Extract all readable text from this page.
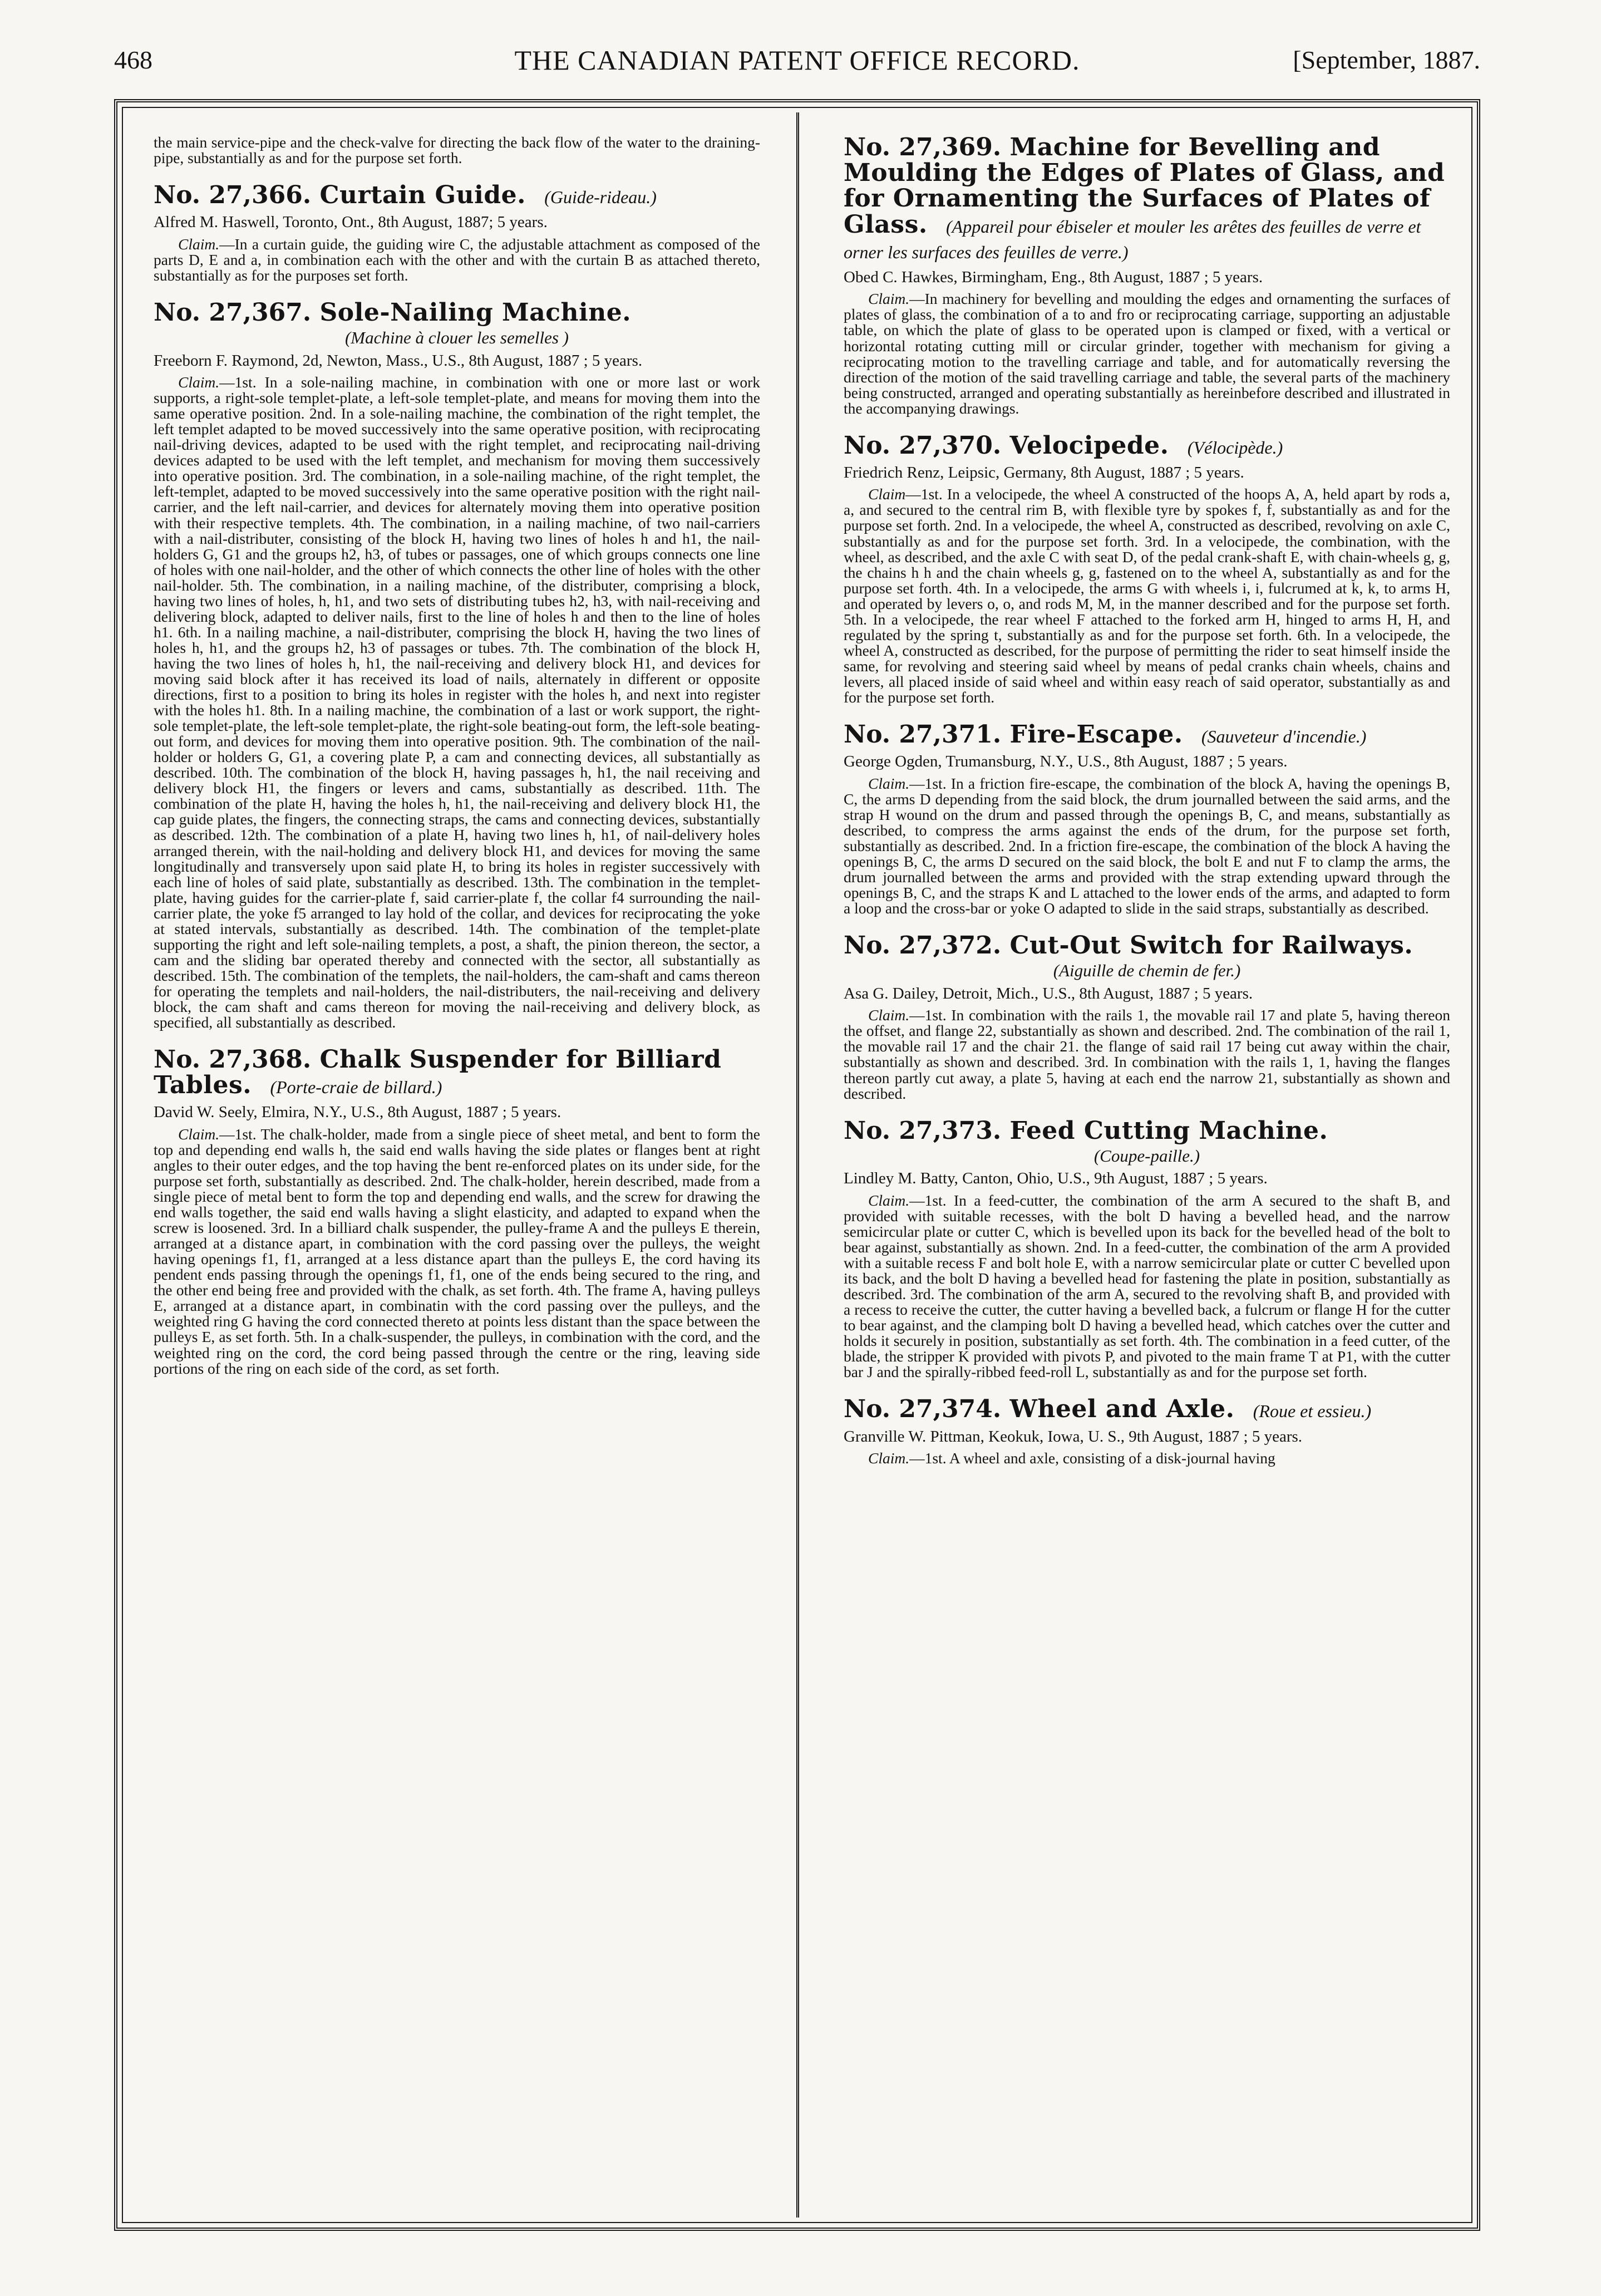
468	THE CANADIAN PATENT OFFICE RECORD.	[September, 1887.

the main service-pipe and the check-valve for directing the back flow of the water to the draining-pipe, substantially as and for the purpose set forth.

No. 27,366. Curtain Guide. (Guide-rideau.)

Alfred M. Haswell, Toronto, Ont., 8th August, 1887; 5 years.

Claim.—In a curtain guide, the guiding wire C, the adjustable attachment as composed of the parts D, E and a, in combination each with the other and with the curtain B as attached thereto, substantially as for the purposes set forth.

No. 27,367. Sole-Nailing Machine.

(Machine à clouer les semelles )

Freeborn F. Raymond, 2d, Newton, Mass., U.S., 8th August, 1887 ; 5 years.

Claim.—1st. In a sole-nailing machine, in combination with one or more last or work supports, a right-sole templet-plate, a left-sole templet-plate, and means for moving them into the same operative position. 2nd. In a sole-nailing machine, the combination of the right templet, the left templet adapted to be moved successively into the same operative position, with reciprocating nail-driving devices, adapted to be used with the right templet, and reciprocating nail-driving devices adapted to be used with the left templet, and mechanism for moving them successively into operative position. 3rd. The combination, in a sole-nailing machine, of the right templet, the left-templet, adapted to be moved successively into the same operative position with the right nail-carrier, and the left nail-carrier, and devices for alternately moving them into operative position with their respective templets. 4th. The combination, in a nailing machine, of two nail-carriers with a nail-distributer, consisting of the block H, having two lines of holes h and h1, the nail-holders G, G1 and the groups h2, h3, of tubes or passages, one of which groups connects one line of holes with one nail-holder, and the other of which connects the other line of holes with the other nail-holder. 5th. The combination, in a nailing machine, of the distributer, comprising a block, having two lines of holes, h, h1, and two sets of distributing tubes h2, h3, with nail-receiving and delivering block, adapted to deliver nails, first to the line of holes h and then to the line of holes h1. 6th. In a nailing machine, a nail-distributer, comprising the block H, having the two lines of holes h, h1, and the groups h2, h3 of passages or tubes. 7th. The combination of the block H, having the two lines of holes h, h1, the nail-receiving and delivery block H1, and devices for moving said block after it has received its load of nails, alternately in different or opposite directions, first to a position to bring its holes in register with the holes h, and next into register with the holes h1. 8th. In a nailing machine, the combination of a last or work support, the right-sole templet-plate, the left-sole templet-plate, the right-sole beating-out form, the left-sole beating-out form, and devices for moving them into operative position. 9th. The combination of the nail-holder or holders G, G1, a covering plate P, a cam and connecting devices, all substantially as described. 10th. The combination of the block H, having passages h, h1, the nail receiving and delivery block H1, the fingers or levers and cams, substantially as described. 11th. The combination of the plate H, having the holes h, h1, the nail-receiving and delivery block H1, the cap guide plates, the fingers, the connecting straps, the cams and connecting devices, substantially as described. 12th. The combination of a plate H, having two lines h, h1, of nail-delivery holes arranged therein, with the nail-holding and delivery block H1, and devices for moving the same longitudinally and transversely upon said plate H, to bring its holes in register successively with each line of holes of said plate, substantially as described. 13th. The combination in the templet-plate, having guides for the carrier-plate f, said carrier-plate f, the collar f4 surrounding the nail-carrier plate, the yoke f5 arranged to lay hold of the collar, and devices for reciprocating the yoke at stated intervals, substantially as described. 14th. The combination of the templet-plate supporting the right and left sole-nailing templets, a post, a shaft, the pinion thereon, the sector, a cam and the sliding bar operated thereby and connected with the sector, all substantially as described. 15th. The combination of the templets, the nail-holders, the cam-shaft and cams thereon for operating the templets and nail-holders, the nail-distributers, the nail-receiving and delivery block, the cam shaft and cams thereon for moving the nail-receiving and delivery block, as specified, all substantially as described.

No. 27,368. Chalk Suspender for Billiard Tables. (Porte-craie de billard.)

David W. Seely, Elmira, N.Y., U.S., 8th August, 1887 ; 5 years.

Claim.—1st. The chalk-holder, made from a single piece of sheet metal, and bent to form the top and depending end walls h, the said end walls having the side plates or flanges bent at right angles to their outer edges, and the top having the bent re-enforced plates on its under side, for the purpose set forth, substantially as described. 2nd. The chalk-holder, herein described, made from a single piece of metal bent to form the top and depending end walls, and the screw for drawing the end walls together, the said end walls having a slight elasticity, and adapted to expand when the screw is loosened. 3rd. In a billiard chalk suspender, the pulley-frame A and the pulleys E therein, arranged at a distance apart, in combination with the cord passing over the pulleys, the weight having openings f1, f1, arranged at a less distance apart than the pulleys E, the cord having its pendent ends passing through the openings f1, f1, one of the ends being secured to the ring, and the other end being free and provided with the chalk, as set forth. 4th. The frame A, having pulleys E, arranged at a distance apart, in combinatin with the cord passing over the pulleys, and the weighted ring G having the cord connected thereto at points less distant than the space between the pulleys E, as set forth. 5th. In a chalk-suspender, the pulleys, in combination with the cord, and the weighted ring on the cord, the cord being passed through the centre or the ring, leaving side portions of the ring on each side of the cord, as set forth.

No. 27,369. Machine for Bevelling and Moulding the Edges of Plates of Glass, and for Ornamenting the Surfaces of Plates of Glass. (Appareil pour ébiseler et mouler les arêtes des feuilles de verre et orner les surfaces des feuilles de verre.)

Obed C. Hawkes, Birmingham, Eng., 8th August, 1887 ; 5 years.

Claim.—In machinery for bevelling and moulding the edges and ornamenting the surfaces of plates of glass, the combination of a to and fro or reciprocating carriage, supporting an adjustable table, on which the plate of glass to be operated upon is clamped or fixed, with a vertical or horizontal rotating cutting mill or circular grinder, together with mechanism for giving a reciprocating motion to the travelling carriage and table, and for automatically reversing the direction of the motion of the said travelling carriage and table, the several parts of the machinery being constructed, arranged and operating substantially as hereinbefore described and illustrated in the accompanying drawings.

No. 27,370. Velocipede. (Vélocipède.)

Friedrich Renz, Leipsic, Germany, 8th August, 1887 ; 5 years.

Claim—1st. In a velocipede, the wheel A constructed of the hoops A, A, held apart by rods a, a, and secured to the central rim B, with flexible tyre by spokes f, f, substantially as and for the purpose set forth. 2nd. In a velocipede, the wheel A, constructed as described, revolving on axle C, substantially as and for the purpose set forth. 3rd. In a velocipede, the combination, with the wheel, as described, and the axle C with seat D, of the pedal crank-shaft E, with chain-wheels g, g, the chains h h and the chain wheels g, g, fastened on to the wheel A, substantially as and for the purpose set forth. 4th. In a velocipede, the arms G with wheels i, i, fulcrumed at k, k, to arms H, and operated by levers o, o, and rods M, M, in the manner described and for the purpose set forth. 5th. In a velocipede, the rear wheel F attached to the forked arm H, hinged to arms H, H, and regulated by the spring t, substantially as and for the purpose set forth. 6th. In a velocipede, the wheel A, constructed as described, for the purpose of permitting the rider to seat himself inside the same, for revolving and steering said wheel by means of pedal cranks chain wheels, chains and levers, all placed inside of said wheel and within easy reach of said operator, substantially as and for the purpose set forth.

No. 27,371. Fire-Escape. (Sauveteur d'incendie.)

George Ogden, Trumansburg, N.Y., U.S., 8th August, 1887 ; 5 years.

Claim.—1st. In a friction fire-escape, the combination of the block A, having the openings B, C, the arms D depending from the said block, the drum journalled between the said arms, and the strap H wound on the drum and passed through the openings B, C, and means, substantially as described, to compress the arms against the ends of the drum, for the purpose set forth, substantially as described. 2nd. In a friction fire-escape, the combination of the block A having the openings B, C, the arms D secured on the said block, the bolt E and nut F to clamp the arms, the drum journalled between the arms and provided with the strap extending upward through the openings B, C, and the straps K and L attached to the lower ends of the arms, and adapted to form a loop and the cross-bar or yoke O adapted to slide in the said straps, substantially as described.

No. 27,372. Cut-Out Switch for Railways.

(Aiguille de chemin de fer.)

Asa G. Dailey, Detroit, Mich., U.S., 8th August, 1887 ; 5 years.

Claim.—1st. In combination with the rails 1, the movable rail 17 and plate 5, having thereon the offset, and flange 22, substantially as shown and described. 2nd. The combination of the rail 1, the movable rail 17 and the chair 21. the flange of said rail 17 being cut away within the chair, substantially as shown and described. 3rd. In combination with the rails 1, 1, having the flanges thereon partly cut away, a plate 5, having at each end the narrow 21, substantially as shown and described.

No. 27,373. Feed Cutting Machine.

(Coupe-paille.)

Lindley M. Batty, Canton, Ohio, U.S., 9th August, 1887 ; 5 years.

Claim.—1st. In a feed-cutter, the combination of the arm A secured to the shaft B, and provided with suitable recesses, with the bolt D having a bevelled head, and the narrow semicircular plate or cutter C, which is bevelled upon its back for the bevelled head of the bolt to bear against, substantially as shown. 2nd. In a feed-cutter, the combination of the arm A provided with a suitable recess F and bolt hole E, with a narrow semicircular plate or cutter C bevelled upon its back, and the bolt D having a bevelled head for fastening the plate in position, substantially as described. 3rd. The combination of the arm A, secured to the revolving shaft B, and provided with a recess to receive the cutter, the cutter having a bevelled back, a fulcrum or flange H for the cutter to bear against, and the clamping bolt D having a bevelled head, which catches over the cutter and holds it securely in position, substantially as set forth. 4th. The combination in a feed cutter, of the blade, the stripper K provided with pivots P, and pivoted to the main frame T at P1, with the cutter bar J and the spirally-ribbed feed-roll L, substantially as and for the purpose set forth.

No. 27,374. Wheel and Axle. (Roue et essieu.)

Granville W. Pittman, Keokuk, Iowa, U. S., 9th August, 1887 ; 5 years.

Claim.—1st. A wheel and axle, consisting of a disk-journal having
